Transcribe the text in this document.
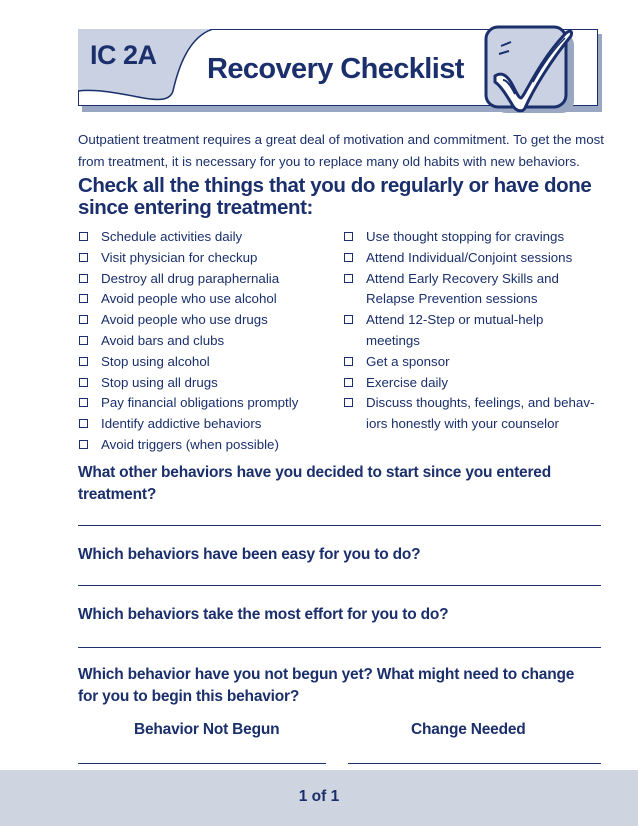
IC 2A Recovery Checklist
Outpatient treatment requires a great deal of motivation and commitment. To get the most from treatment, it is necessary for you to replace many old habits with new behaviors.
Check all the things that you do regularly or have done
since entering treatment:
Schedule activities daily
Visit physician for checkup
Destroy all drug paraphernalia
Avoid people who use alcohol
Avoid people who use drugs
Avoid bars and clubs
Stop using alcohol
Stop using all drugs
Pay financial obligations promptly
Identify addictive behaviors
Avoid triggers (when possible)
Use thought stopping for cravings
Attend Individual/Conjoint sessions
Attend Early Recovery Skills and
Relapse Prevention sessions
Attend 12-Step or mutual-help
meetings
Get a sponsor
Exercise daily
Discuss thoughts, feelings, and behav-
iors honestly with your counselor
What other behaviors have you decided to start since you entered
treatment?
Which behaviors have been easy for you to do?
Which behaviors take the most effort for you to do?
Which behavior have you not begun yet? What might need to change
for you to begin this behavior?
Behavior Not Begun	Change Needed
1 of 1
